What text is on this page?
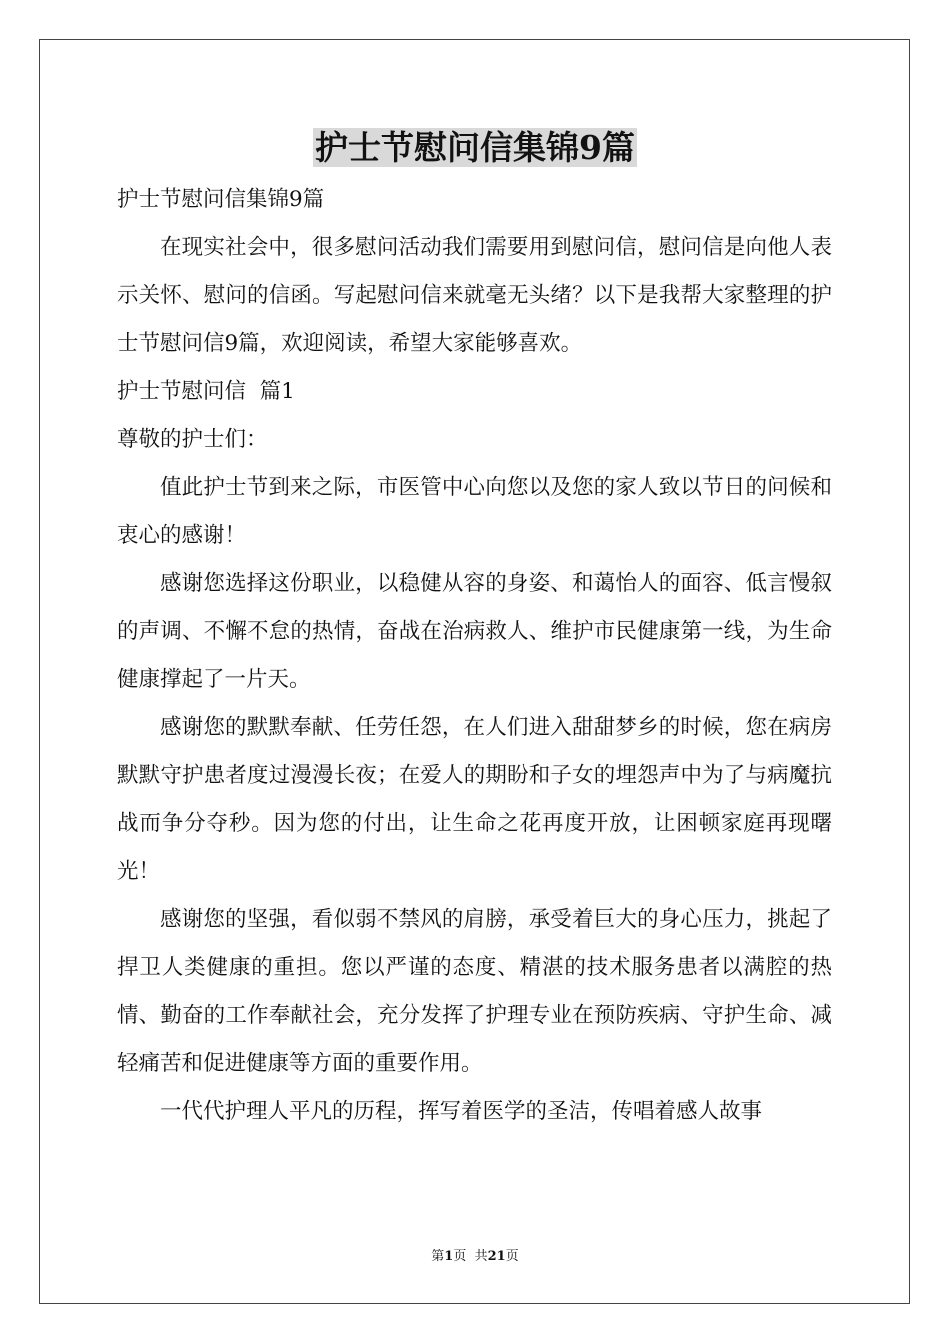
护士节慰问信集锦9篇

护士节慰问信集锦9篇

在现实社会中，很多慰问活动我们需要用到慰问信，慰问信是向他人表示关怀、慰问的信函。写起慰问信来就毫无头绪？以下是我帮大家整理的护士节慰问信9篇，欢迎阅读，希望大家能够喜欢。

护士节慰问信  篇1

尊敬的护士们：

值此护士节到来之际，市医管中心向您以及您的家人致以节日的问候和衷心的感谢！

感谢您选择这份职业，以稳健从容的身姿、和蔼怡人的面容、低言慢叙的声调、不懈不怠的热情，奋战在治病救人、维护市民健康第一线，为生命健康撑起了一片天。

感谢您的默默奉献、任劳任怨，在人们进入甜甜梦乡的时候，您在病房默默守护患者度过漫漫长夜；在爱人的期盼和子女的埋怨声中为了与病魔抗战而争分夺秒。因为您的付出，让生命之花再度开放，让困顿家庭再现曙光！

感谢您的坚强，看似弱不禁风的肩膀，承受着巨大的身心压力，挑起了捍卫人类健康的重担。您以严谨的态度、精湛的技术服务患者以满腔的热情、勤奋的工作奉献社会，充分发挥了护理专业在预防疾病、守护生命、减轻痛苦和促进健康等方面的重要作用。

一代代护理人平凡的历程，挥写着医学的圣洁，传唱着感人故事

第1页  共21页
